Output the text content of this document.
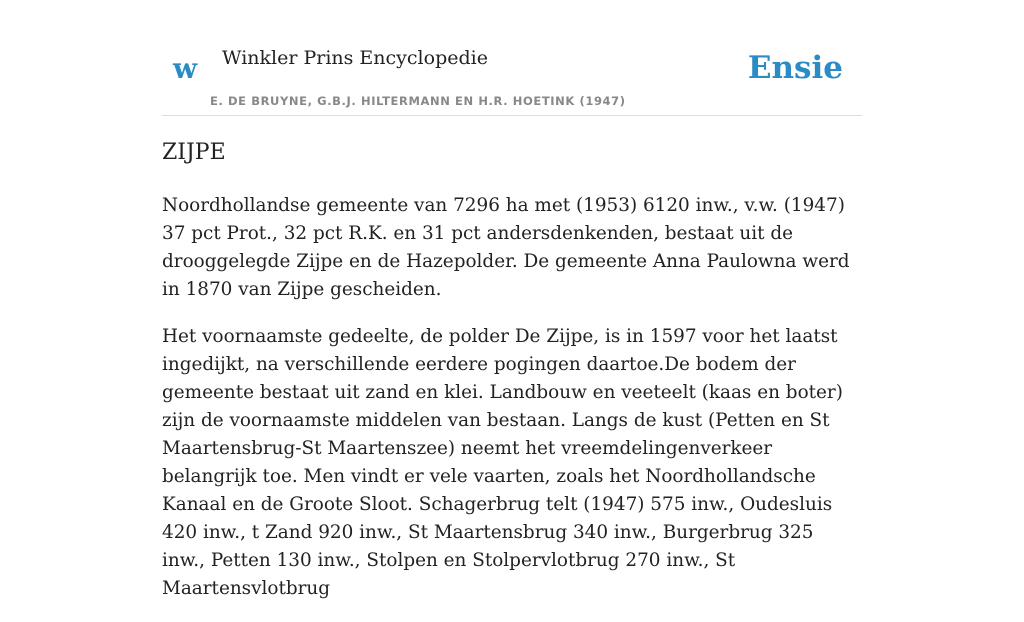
w Winkler Prins Encyclopedie
E. DE BRUYNE, G.B.J. HILTERMANN EN H.R. HOETINK (1947)
Ensie
ZIJPE

Noordhollandse gemeente van 7296 ha met (1953) 6120 inw., v.w. (1947) 37 pct Prot., 32 pct R.K. en 31 pct andersdenkenden, bestaat uit de drooggelegde Zijpe en de Hazepolder. De gemeente Anna Paulowna werd in 1870 van Zijpe gescheiden.

Het voornaamste gedeelte, de polder De Zijpe, is in 1597 voor het laatst ingedijkt, na verschillende eerdere pogingen daartoe.De bodem der gemeente bestaat uit zand en klei. Landbouw en veeteelt (kaas en boter) zijn de voornaamste middelen van bestaan. Langs de kust (Petten en St Maartensbrug-St Maartenszee) neemt het vreemdelingenverkeer belangrijk toe. Men vindt er vele vaarten, zoals het Noordhollandsche Kanaal en de Groote Sloot. Schagerbrug telt (1947) 575 inw., Oudesluis 420 inw., t Zand 920 inw., St Maartensbrug 340 inw., Burgerbrug 325 inw., Petten 130 inw., Stolpen en Stolpervlotbrug 270 inw., St Maartensvlotbrug
